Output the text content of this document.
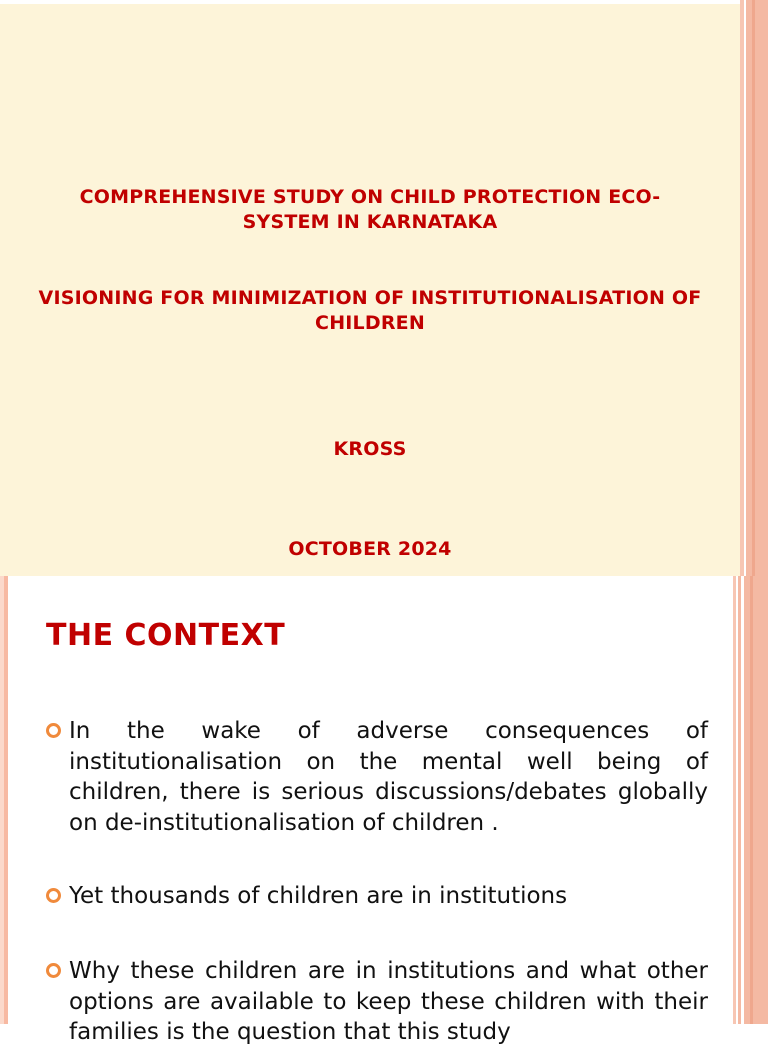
COMPREHENSIVE STUDY ON CHILD PROTECTION ECO-SYSTEM IN KARNATAKA
VISIONING FOR MINIMIZATION OF INSTITUTIONALISATION OF CHILDREN
KROSS
OCTOBER 2024
THE CONTEXT
In the wake of adverse consequences of institutionalisation on the mental well being of children, there is serious discussions/debates globally on de-institutionalisation of children .
Yet thousands of children are in institutions
Why these children are in institutions and what other options are available to keep these children with their families is the question that this study
